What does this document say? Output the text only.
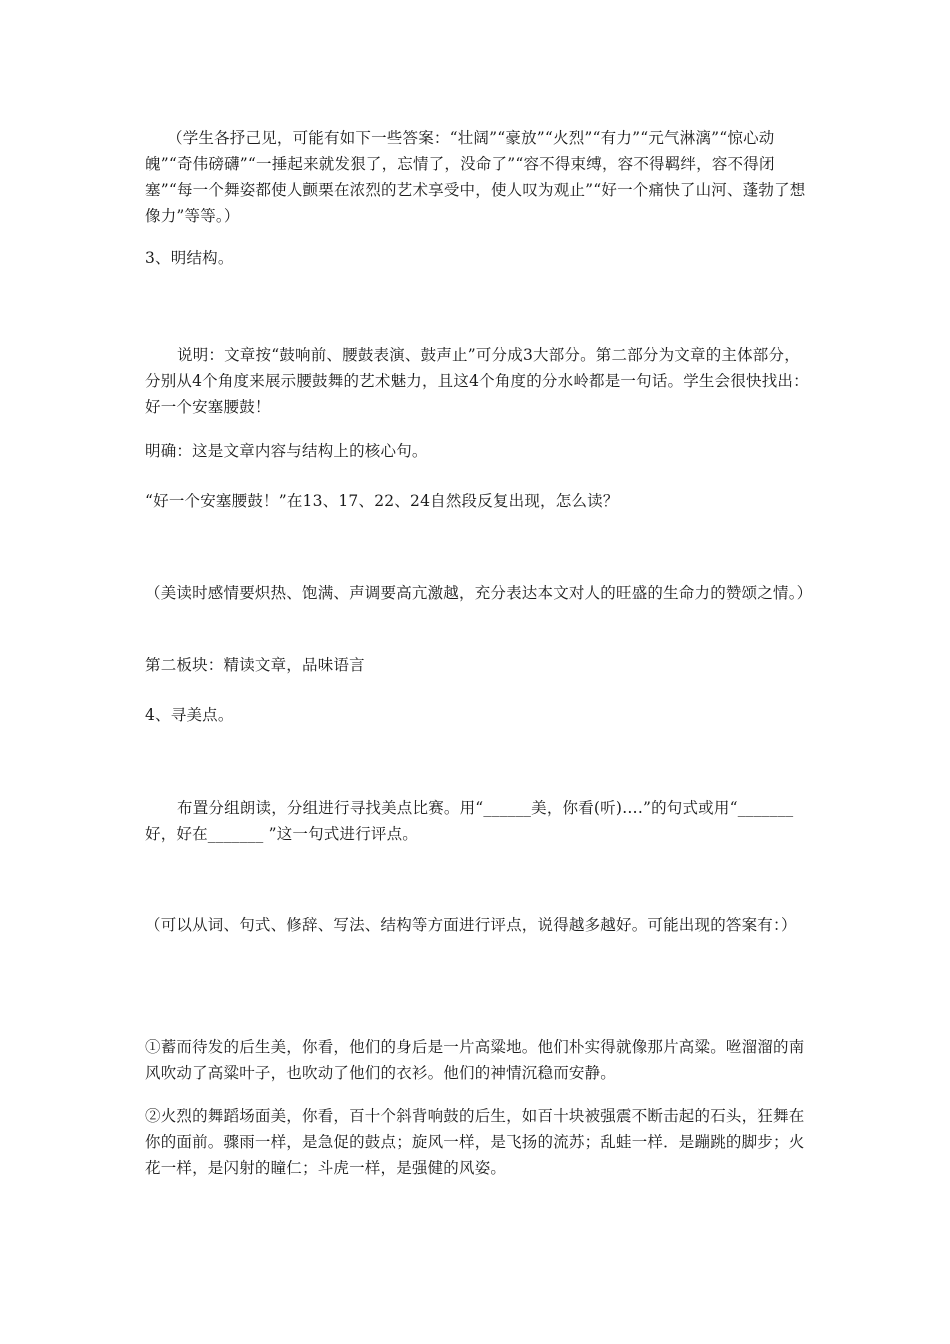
（学生各抒己见，可能有如下一些答案：“壮阔”“豪放”“火烈”“有力”“元气淋漓”“惊心动魄”“奇伟磅礴”“一捶起来就发狠了，忘情了，没命了”“容不得束缚，容不得羁绊，容不得闭塞”“每一个舞姿都使人颤栗在浓烈的艺术享受中，使人叹为观止”“好一个痛快了山河、蓬勃了想像力”等等。）

3、明结构。

说明：文章按“鼓响前、腰鼓表演、鼓声止”可分成3大部分。第二部分为文章的主体部分，分别从4个角度来展示腰鼓舞的艺术魅力，且这4个角度的分水岭都是一句话。学生会很快找出：好一个安塞腰鼓！

明确：这是文章内容与结构上的核心句。

“好一个安塞腰鼓！”在13、17、22、24自然段反复出现，怎么读？

（美读时感情要炽热、饱满、声调要高亢激越，充分表达本文对人的旺盛的生命力的赞颂之情。）

第二板块：精读文章，品味语言

4、寻美点。

布置分组朗读，分组进行寻找美点比赛。用“______美，你看(听)….”的句式或用“_______ 好，好在_______ ”这一句式进行评点。

（可以从词、句式、修辞、写法、结构等方面进行评点，说得越多越好。可能出现的答案有：）

①蓄而待发的后生美，你看，他们的身后是一片高粱地。他们朴实得就像那片高粱。咝溜溜的南风吹动了高粱叶子，也吹动了他们的衣衫。他们的神情沉稳而安静。

②火烈的舞蹈场面美，你看，百十个斜背响鼓的后生，如百十块被强震不断击起的石头，狂舞在你的面前。骤雨一样，是急促的鼓点；旋风一样，是飞扬的流苏；乱蛙一样．是蹦跳的脚步；火花一样，是闪射的瞳仁；斗虎一样，是强健的风姿。
